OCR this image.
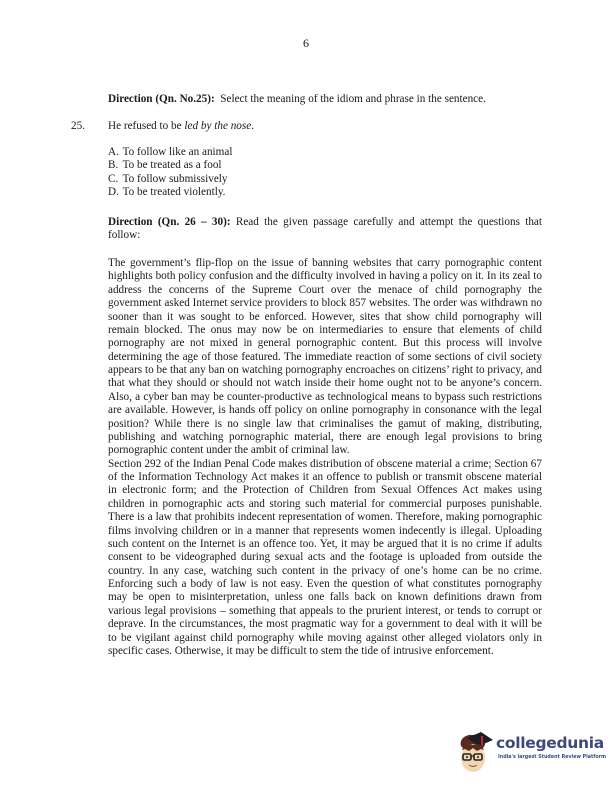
6
Direction (Qn. No.25):  Select the meaning of the idiom and phrase in the sentence.
25. He refused to be led by the nose.
A. To follow like an animal
B. To be treated as a fool
C. To follow submissively
D. To be treated violently.
Direction (Qn. 26 – 30): Read the given passage carefully and attempt the questions that follow:

The government’s flip-flop on the issue of banning websites that carry pornographic content highlights both policy confusion and the difficulty involved in having a policy on it. In its zeal to address the concerns of the Supreme Court over the menace of child pornography the government asked Internet service providers to block 857 websites. The order was withdrawn no sooner than it was sought to be enforced. However, sites that show child pornography will remain blocked. The onus may now be on intermediaries to ensure that elements of child pornography are not mixed in general pornographic content. But this process will involve determining the age of those featured. The immediate reaction of some sections of civil society appears to be that any ban on watching pornography encroaches on citizens’ right to privacy, and that what they should or should not watch inside their home ought not to be anyone’s concern. Also, a cyber ban may be counter-productive as technological means to bypass such restrictions are available. However, is hands off policy on online pornography in consonance with the legal position? While there is no single law that criminalises the gamut of making, distributing, publishing and watching pornographic material, there are enough legal provisions to bring pornographic content under the ambit of criminal law.

Section 292 of the Indian Penal Code makes distribution of obscene material a crime; Section 67 of the Information Technology Act makes it an offence to publish or transmit obscene material in electronic form; and the Protection of Children from Sexual Offences Act makes using children in pornographic acts and storing such material for commercial purposes punishable. There is a law that prohibits indecent representation of women. Therefore, making pornographic films involving children or in a manner that represents women indecently is illegal. Uploading such content on the Internet is an offence too. Yet, it may be argued that it is no crime if adults consent to be videographed during sexual acts and the footage is uploaded from outside the country. In any case, watching such content in the privacy of one’s home can be no crime. Enforcing such a body of law is not easy. Even the question of what constitutes pornography may be open to misinterpretation, unless one falls back on known definitions drawn from various legal provisions – something that appeals to the prurient interest, or tends to corrupt or deprave. In the circumstances, the most pragmatic way for a government to deal with it will be to be vigilant against child pornography while moving against other alleged violators only in specific cases. Otherwise, it may be difficult to stem the tide of intrusive enforcement.

collegedunia
India's largest Student Review Platform
